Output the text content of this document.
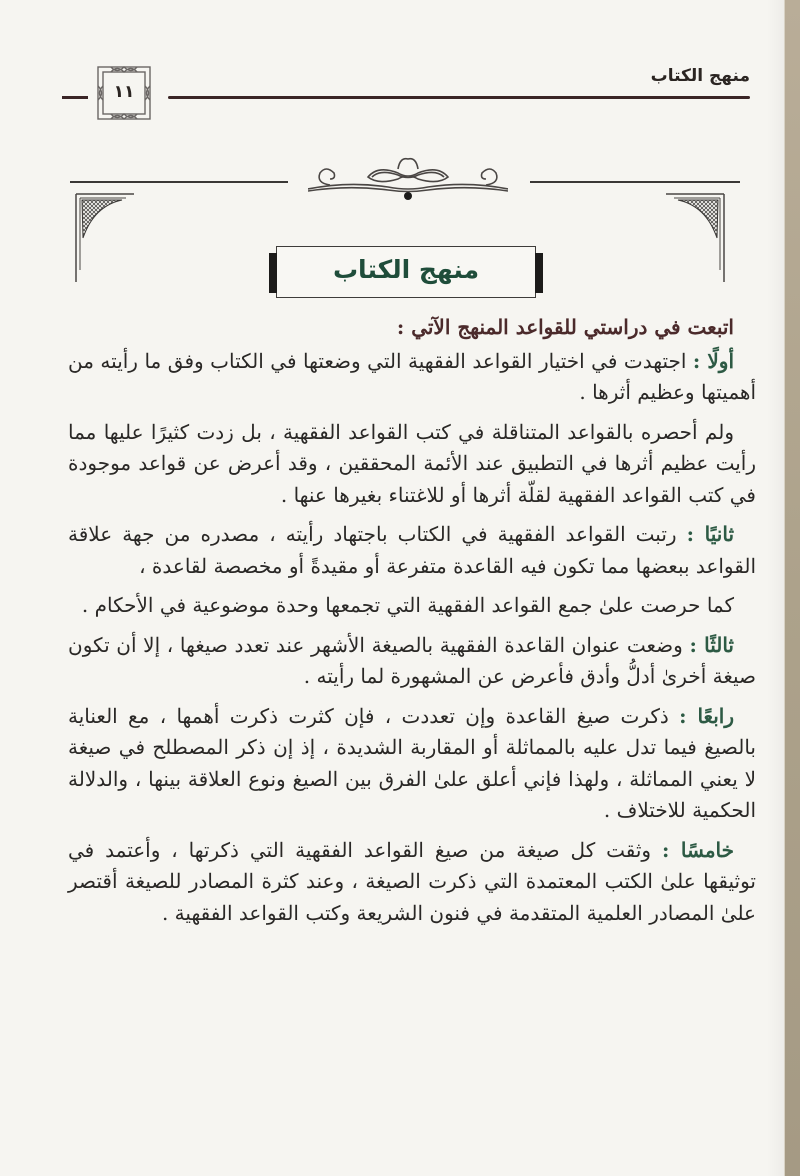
منهج الكتاب
١١
منهج الكتاب

اتبعت في دراستي للقواعد المنهج الآتي :

أولًا : اجتهدت في اختيار القواعد الفقهية التي وضعتها في الكتاب وفق ما رأيته من أهميتها وعظيم أثرها .

ولم أحصره بالقواعد المتناقلة في كتب القواعد الفقهية ، بل زدت كثيرًا عليها مما رأيت عظيم أثرها في التطبيق عند الأئمة المحققين ، وقد أعرض عن قواعد موجودة في كتب القواعد الفقهية لقلّة أثرها أو للاغتناء بغيرها عنها .

ثانيًا : رتبت القواعد الفقهية في الكتاب باجتهاد رأيته ، مصدره من جهة علاقة القواعد ببعضها مما تكون فيه القاعدة متفرعة أو مقيدةً أو مخصصة لقاعدة ،

كما حرصت علىٰ جمع القواعد الفقهية التي تجمعها وحدة موضوعية في الأحكام .

ثالثًا : وضعت عنوان القاعدة الفقهية بالصيغة الأشهر عند تعدد صيغها ، إلا أن تكون صيغة أخرىٰ أدلُّ وأدق فأعرض عن المشهورة لما رأيته .

رابعًا : ذكرت صيغ القاعدة وإن تعددت ، فإن كثرت ذكرت أهمها ، مع العناية بالصيغ فيما تدل عليه بالمماثلة أو المقاربة الشديدة ، إذ إن ذكر المصطلح في صيغة لا يعني المماثلة ، ولهذا فإني أعلق علىٰ الفرق بين الصيغ ونوع العلاقة بينها ، والدلالة الحكمية للاختلاف .

خامسًا : وثقت كل صيغة من صيغ القواعد الفقهية التي ذكرتها ، وأعتمد في توثيقها علىٰ الكتب المعتمدة التي ذكرت الصيغة ، وعند كثرة المصادر للصيغة أقتصر علىٰ المصادر العلمية المتقدمة في فنون الشريعة وكتب القواعد الفقهية .
